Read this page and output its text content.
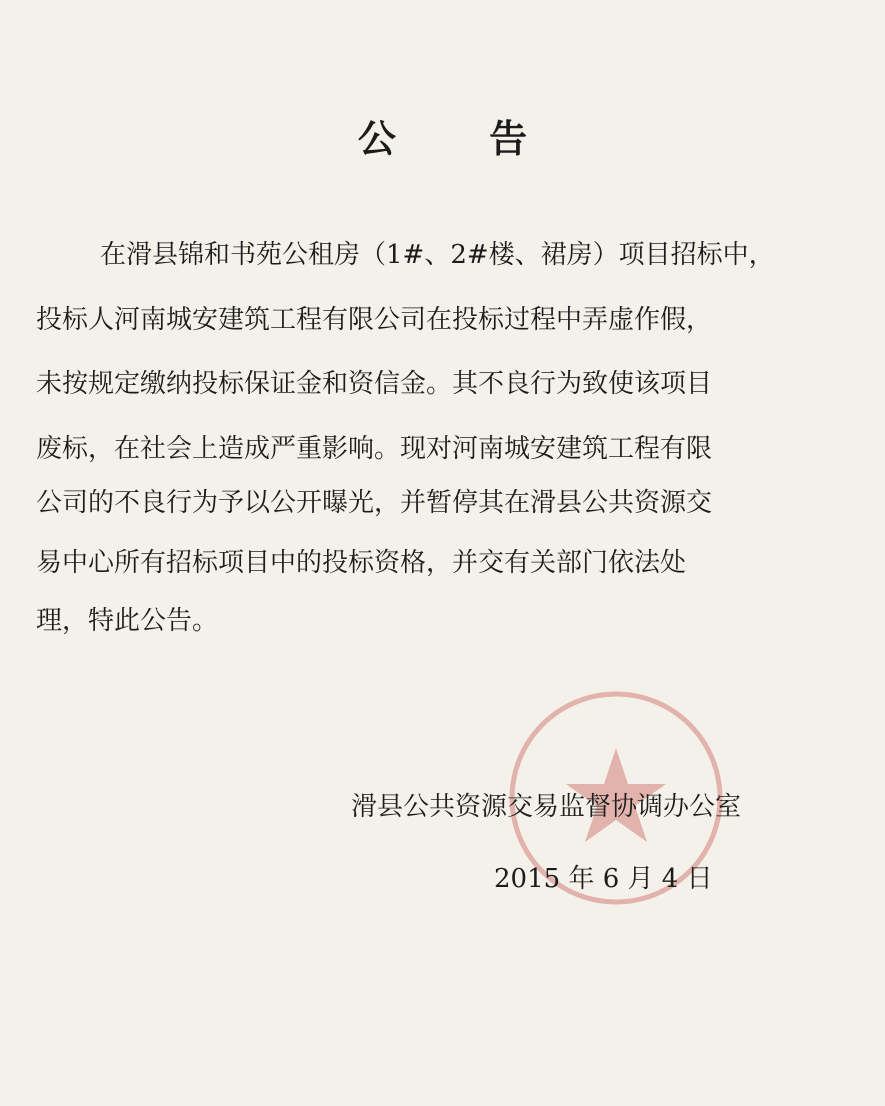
公 告
在滑县锦和书苑公租房（1#、2#楼、裙房）项目招标中，
投标人河南城安建筑工程有限公司在投标过程中弄虚作假，
未按规定缴纳投标保证金和资信金。其不良行为致使该项目
废标，在社会上造成严重影响。现对河南城安建筑工程有限
公司的不良行为予以公开曝光，并暂停其在滑县公共资源交
易中心所有招标项目中的投标资格，并交有关部门依法处
理，特此公告。
滑县公共资源交易监督协调办公室
2015 年 6 月 4 日
